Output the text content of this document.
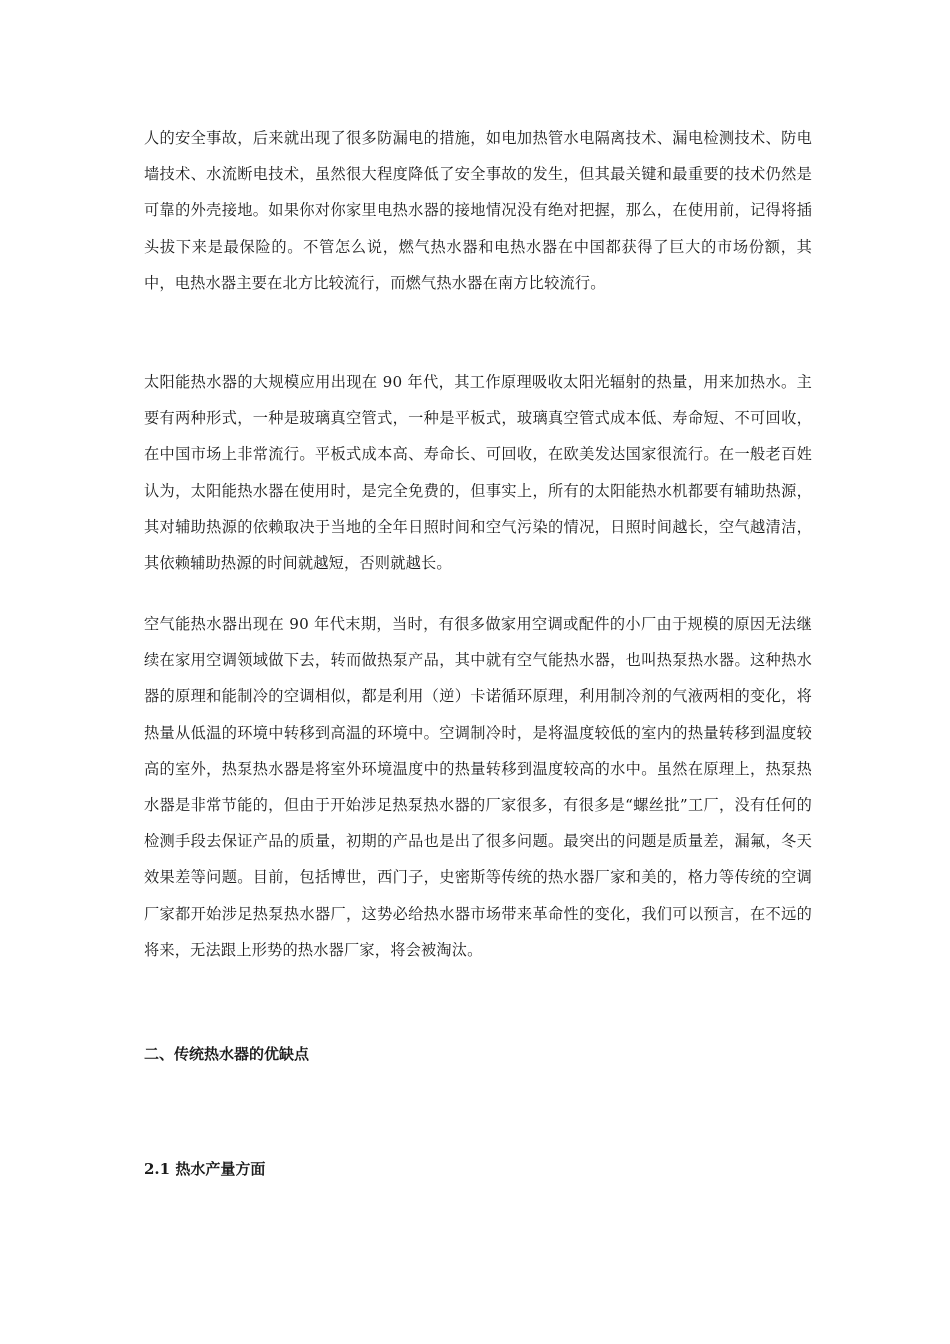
人的安全事故，后来就出现了很多防漏电的措施，如电加热管水电隔离技术、漏电检测技术、防电墙技术、水流断电技术，虽然很大程度降低了安全事故的发生，但其最关键和最重要的技术仍然是可靠的外壳接地。如果你对你家里电热水器的接地情况没有绝对把握，那么，在使用前，记得将插头拔下来是最保险的。不管怎么说，燃气热水器和电热水器在中国都获得了巨大的市场份额，其中，电热水器主要在北方比较流行，而燃气热水器在南方比较流行。

太阳能热水器的大规模应用出现在 90 年代，其工作原理吸收太阳光辐射的热量，用来加热水。主要有两种形式，一种是玻璃真空管式，一种是平板式，玻璃真空管式成本低、寿命短、不可回收，在中国市场上非常流行。平板式成本高、寿命长、可回收，在欧美发达国家很流行。在一般老百姓认为，太阳能热水器在使用时，是完全免费的，但事实上，所有的太阳能热水机都要有辅助热源，其对辅助热源的依赖取决于当地的全年日照时间和空气污染的情况，日照时间越长，空气越清洁，其依赖辅助热源的时间就越短，否则就越长。

空气能热水器出现在 90 年代末期，当时，有很多做家用空调或配件的小厂由于规模的原因无法继续在家用空调领域做下去，转而做热泵产品，其中就有空气能热水器，也叫热泵热水器。这种热水器的原理和能制冷的空调相似，都是利用（逆）卡诺循环原理，利用制冷剂的气液两相的变化，将热量从低温的环境中转移到高温的环境中。空调制冷时，是将温度较低的室内的热量转移到温度较高的室外，热泵热水器是将室外环境温度中的热量转移到温度较高的水中。虽然在原理上，热泵热水器是非常节能的，但由于开始涉足热泵热水器的厂家很多，有很多是“螺丝批”工厂，没有任何的检测手段去保证产品的质量，初期的产品也是出了很多问题。最突出的问题是质量差，漏氟，冬天效果差等问题。目前，包括博世，西门子，史密斯等传统的热水器厂家和美的，格力等传统的空调厂家都开始涉足热泵热水器厂，这势必给热水器市场带来革命性的变化，我们可以预言，在不远的将来，无法跟上形势的热水器厂家，将会被淘汰。

二、传统热水器的优缺点
2.1 热水产量方面
